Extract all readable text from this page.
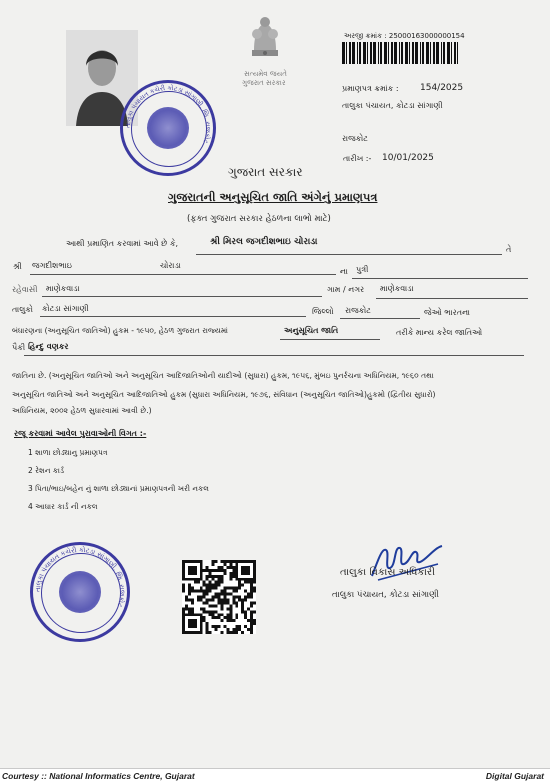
સત્યમેવ જયતે
ગુજરાત સરકાર
અરજી ક્રમાંક : 25000163000000154
પ્રમાણપત્ર ક્રમાંક : 154/2025
તાલુકા પંચાયત, કોટડા સાંગાણી
રાજકોટ
તારીખ :- 10/01/2025
તાલુકા પંચાયત કચેરી કોટડા સાંગાણી, જિ. રાજકોટ
ગુજરાત સરકાર
ગુજરાતની અનુસૂચિત જાતિ અંગેનું પ્રમાણપત્ર
(ફક્ત ગુજરાત સરકાર હેઠળના લાભો માટે)
આથી પ્રમાણિત કરવામાં આવે છે કે,	શ્રી મિરલ જગદીશભાઇ ચોરાડા
તે
શ્રી જગદીશભાઇ	ચોરાડા
ના પુત્રી
રહેવાસી માણેકવાડા	ગામ / નગર માણેકવાડા
તાલુકો કોટડા સાંગાણી	જિલ્લો રાજકોટ	જેઓ ભારતના
બંધારણના (અનુસૂચિત જાતિઓ) હુકમ - ૧૯૫૦, હેઠળ ગુજરાત રાજ્યમાં	અનુસૂચિત જાતિ	તરીકે માન્ય કરેલ જાતિઓ
પૈકી હિન્દુ વણકર
જાતિના છે. (અનુસૂચિત જાતિઓ અને અનુસૂચિત આદિજાતિઓની યાદીઓ (સુધારા) હુકમ, ૧૯૫૬, મુંબઇ પુનર્રચના અધિનિયમ, ૧૯૬૦ તથા
અનુસૂચિત જાતિઓ અને અનુસૂચિત આદિજાતિઓ હુકમ (સુધારા અધિનિયમ, ૧૯૭૬, સંવિધાન (અનુસૂચિત જાતિઓ)હુકમો (દ્વિતીય સુધારો)
અધિનિયમ, ૨૦૦૨ હેઠળ સુધારવામાં આવી છે.)
રજૂ કરવામાં આવેલ પુરાવાઓની વિગત :-
1 શાળા છોડ્યાનુ પ્રમાણપત્ર
2 રેશન કાર્ડ
3 પિતા/ભાઇ/બહેન નું શાળા છોડ્યાનાં પ્રમાણપત્રની ખરી નકલ
4 આધાર કાર્ડ ની નકલ
તાલુકા પંચાયત કચેરી કોટડા સાંગાણી, જિ. રાજકોટ
તાલુકા વિકાસ અધિકારી
તાલુકા પંચાયત, કોટડા સાંગાણી
Courtesy :: National Informatics Centre, Gujarat	Digital Gujarat
